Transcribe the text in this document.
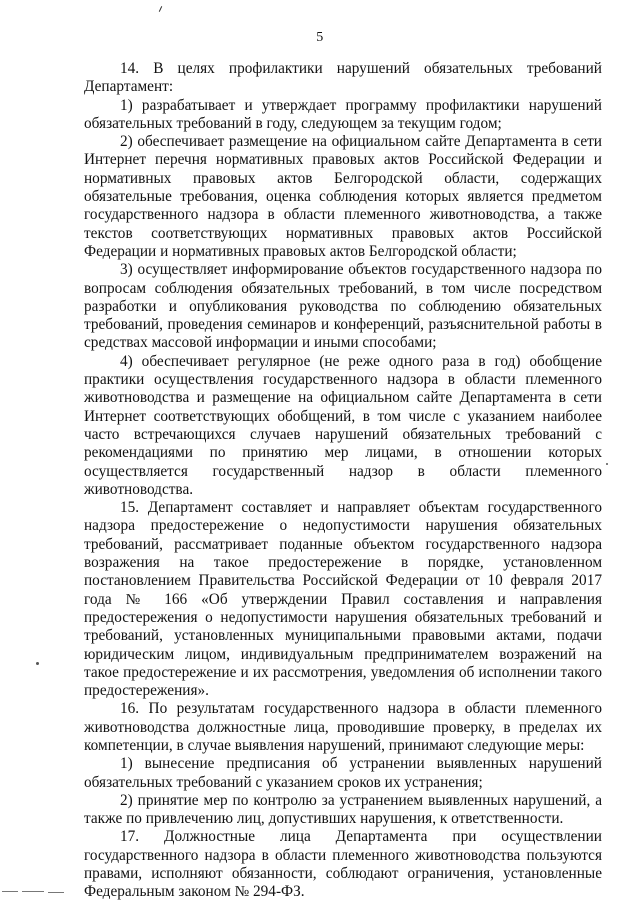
5

14. В целях профилактики нарушений обязательных требований Департамент:

1) разрабатывает и утверждает программу профилактики нарушений обязательных требований в году, следующем за текущим годом;

2) обеспечивает размещение на официальном сайте Департамента в сети Интернет перечня нормативных правовых актов Российской Федерации и нормативных правовых актов Белгородской области, содержащих обязательные требования, оценка соблюдения которых является предметом государственного надзора в области племенного животноводства, а также текстов соответствующих нормативных правовых актов Российской Федерации и нормативных правовых актов Белгородской области;

3) осуществляет информирование объектов государственного надзора по вопросам соблюдения обязательных требований, в том числе посредством разработки и опубликования руководства по соблюдению обязательных требований, проведения семинаров и конференций, разъяснительной работы в средствах массовой информации и иными способами;

4) обеспечивает регулярное (не реже одного раза в год) обобщение практики осуществления государственного надзора в области племенного животноводства и размещение на официальном сайте Департамента в сети Интернет соответствующих обобщений, в том числе с указанием наиболее часто встречающихся случаев нарушений обязательных требований с рекомендациями по принятию мер лицами, в отношении которых осуществляется государственный надзор в области племенного животноводства.

15. Департамент составляет и направляет объектам государственного надзора предостережение о недопустимости нарушения обязательных требований, рассматривает поданные объектом государственного надзора возражения на такое предостережение в порядке, установленном постановлением Правительства Российской Федерации от 10 февраля 2017 года № 166 «Об утверждении Правил составления и направления предостережения о недопустимости нарушения обязательных требований и требований, установленных муниципальными правовыми актами, подачи юридическим лицом, индивидуальным предпринимателем возражений на такое предостережение и их рассмотрения, уведомления об исполнении такого предостережения».

16. По результатам государственного надзора в области племенного животноводства должностные лица, проводившие проверку, в пределах их компетенции, в случае выявления нарушений, принимают следующие меры:

1) вынесение предписания об устранении выявленных нарушений обязательных требований с указанием сроков их устранения;

2) принятие мер по контролю за устранением выявленных нарушений, а также по привлечению лиц, допустивших нарушения, к ответственности.

17. Должностные лица Департамента при осуществлении государственного надзора в области племенного животноводства пользуются правами, исполняют обязанности, соблюдают ограничения, установленные Федеральным законом № 294-ФЗ.
